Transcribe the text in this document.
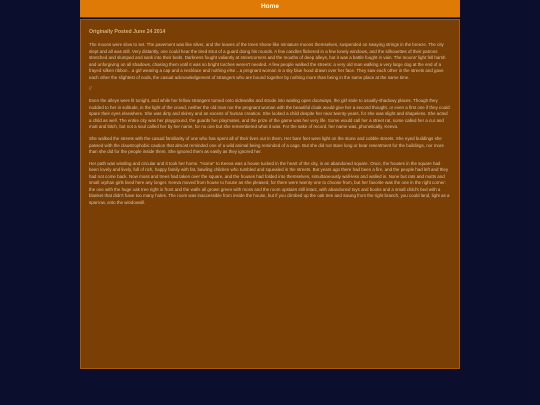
Home
Originally Posted June 24 2014

The moons were slow to set. The pavement was like silver, and the leaves of the trees shone like miniature moons themselves, suspended on swaying strings in the breeze. The city slept and all was still. Very distantly, one could hear the tired strut of a guard doing his rounds. A few candles flickered in a few lonely windows, and the silhouettes of their patrons stretched and slumped and sank into their beds. Darkness fought valiantly at streetcorners and the mouths of deep alleys, but it was a battle fought in vain. The moons' light fell harsh and unforgiving on all shadows, chasing them until it was so bright torches weren't needed. A few people walked the streets: a very old man walking a very large dog at the end of a frayed silken ribbon…a girl wearing a cap and a necklace and nothing else…a pregnant woman in a sky blue hood drawn over her face. They saw each other in the streets and gave each other the slightest of nods, the casual acknowledgement of strangers who are bound together by nothing more than being in the same place at the same time.

//

Even the alleys were lit tonight, and while her fellow strangers turned onto sidewalks and strode into waiting open doorways, the girl stole to usually-shadowy places. Though they nodded to her in solitude, in the light of the crowd, neither the old man nor the pregnant woman with the beautiful cloak would give her a second thought, or even a first one if they could spare their eyes elsewhere. She was dirty and skinny and an excess of human creation. She looked a child despite her near twenty-years, for she was slight and shapeless. She acted a child as well. The entire city was her playground, the guards her playmates, and the prize of the game was her very life. Some would call her a street rat, some called her a cur and mutt and bitch, but not a soul called her by her name, for no one but she remembered what it was. For the sake of record, her name was, phonetically, Keeva.

She walked the streets with the casual familiarity of one who has spent all of their lives out in them. Her bare feet were light on the stone and cobble streets. She eyed buildings she passed with the claustrophobic caution that almost reminded one of a wild animal being reminded of a cage. But she did not stare long or bear resentment for the buildings, nor more than she did for the people inside them. She ignored them as easily as they ignored her.

Her path was winding and circular and it took her home. "Home" to Keeva was a house tucked in the heart of the city, in an abandoned square. Once, the houses in the square had been lovely and lively, full of rich, happy family with fat, bawling children who tumbled and squealed in the streets. But years ago there had been a fire, and the people had left and they had not come back. Now moss and trees had taken over the square, and the houses had folded into themselves, simultaneously wall-less and walled in. None but rats and mutts and small orphan girls lived here any longer. Keeva moved from house to house as she pleased, for there were twenty-one to choose from, but her favorite was the one in the right corner: the one with the huge oak tree right in front and the walls all grown green with moss and the room upstairs still intact, with abandoned toys and books and a small child's bed with a blanket that didn't have too many holes. The room was inaccessible from inside the house, but if you climbed up the oak tree and swung from the right branch, you could land, light as a sparrow, onto the windowsill.
